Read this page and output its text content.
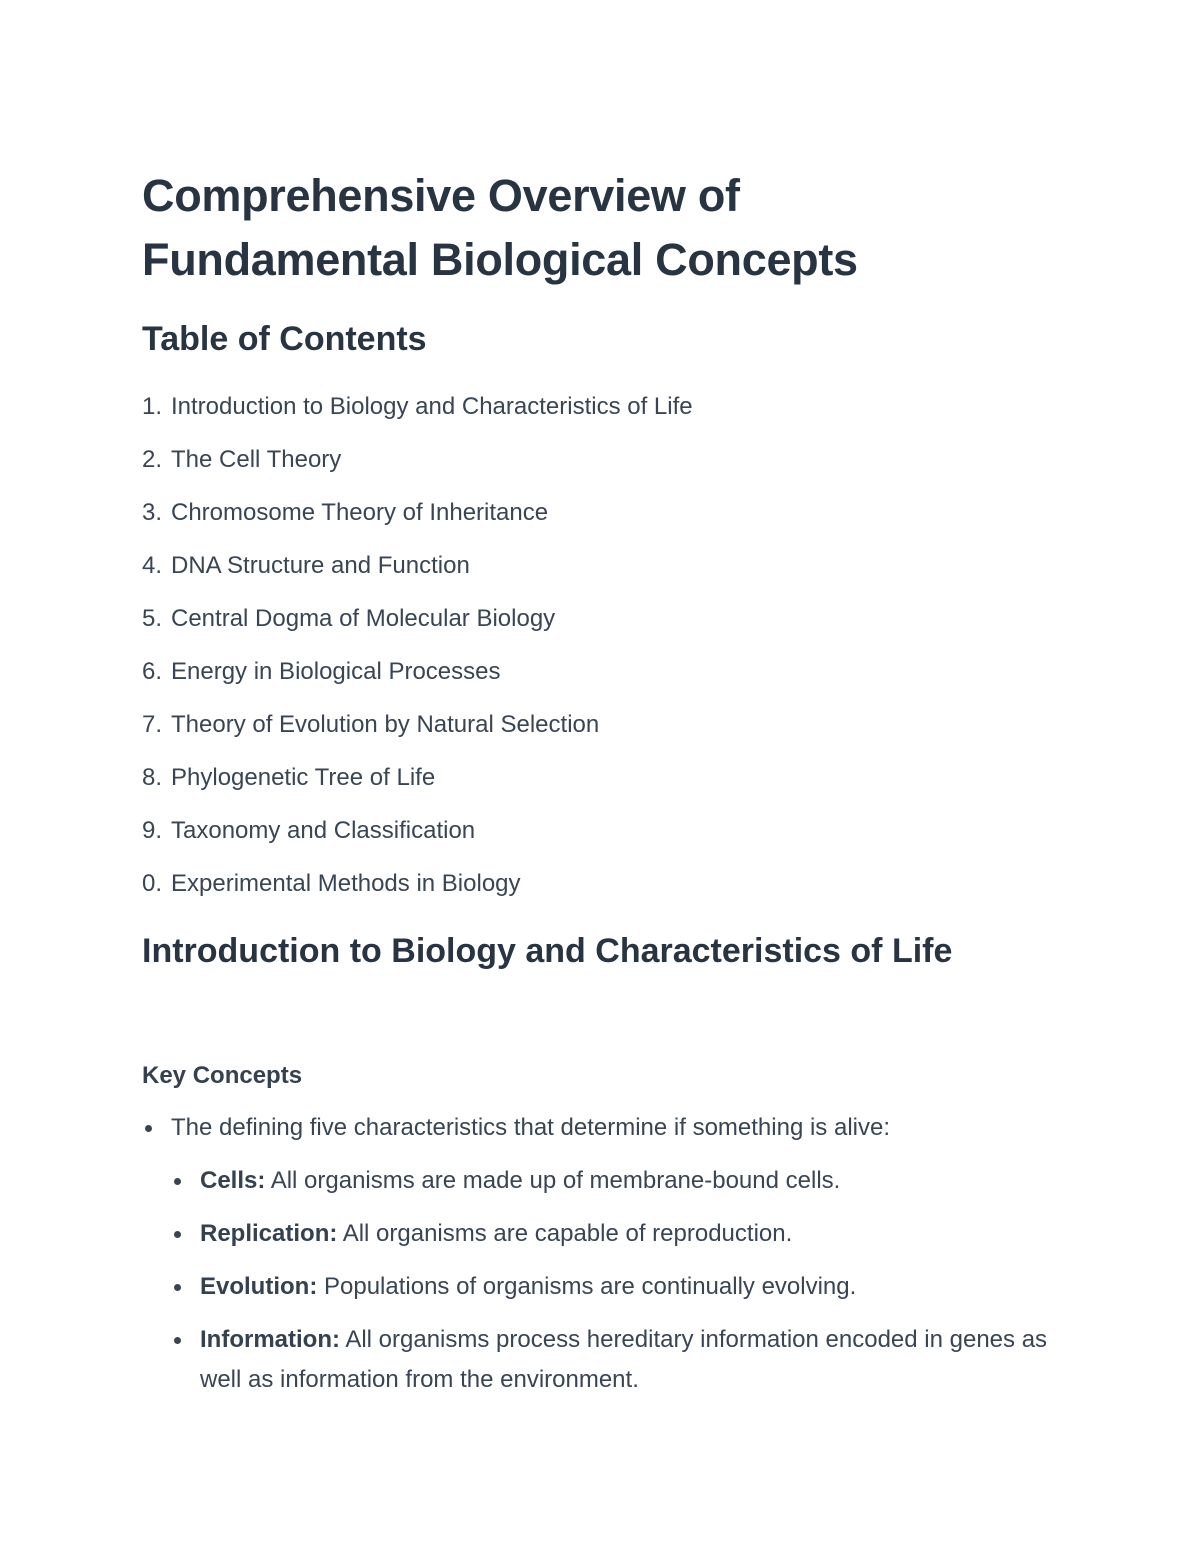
Comprehensive Overview of
Fundamental Biological Concepts
Table of Contents
1. Introduction to Biology and Characteristics of Life
2. The Cell Theory
3. Chromosome Theory of Inheritance
4. DNA Structure and Function
5. Central Dogma of Molecular Biology
6. Energy in Biological Processes
7. Theory of Evolution by Natural Selection
8. Phylogenetic Tree of Life
9. Taxonomy and Classification
0. Experimental Methods in Biology
Introduction to Biology and Characteristics of Life
Key Concepts
The defining five characteristics that determine if something is alive:
Cells: All organisms are made up of membrane-bound cells.
Replication: All organisms are capable of reproduction.
Evolution: Populations of organisms are continually evolving.
Information: All organisms process hereditary information encoded in genes as well as information from the environment.
